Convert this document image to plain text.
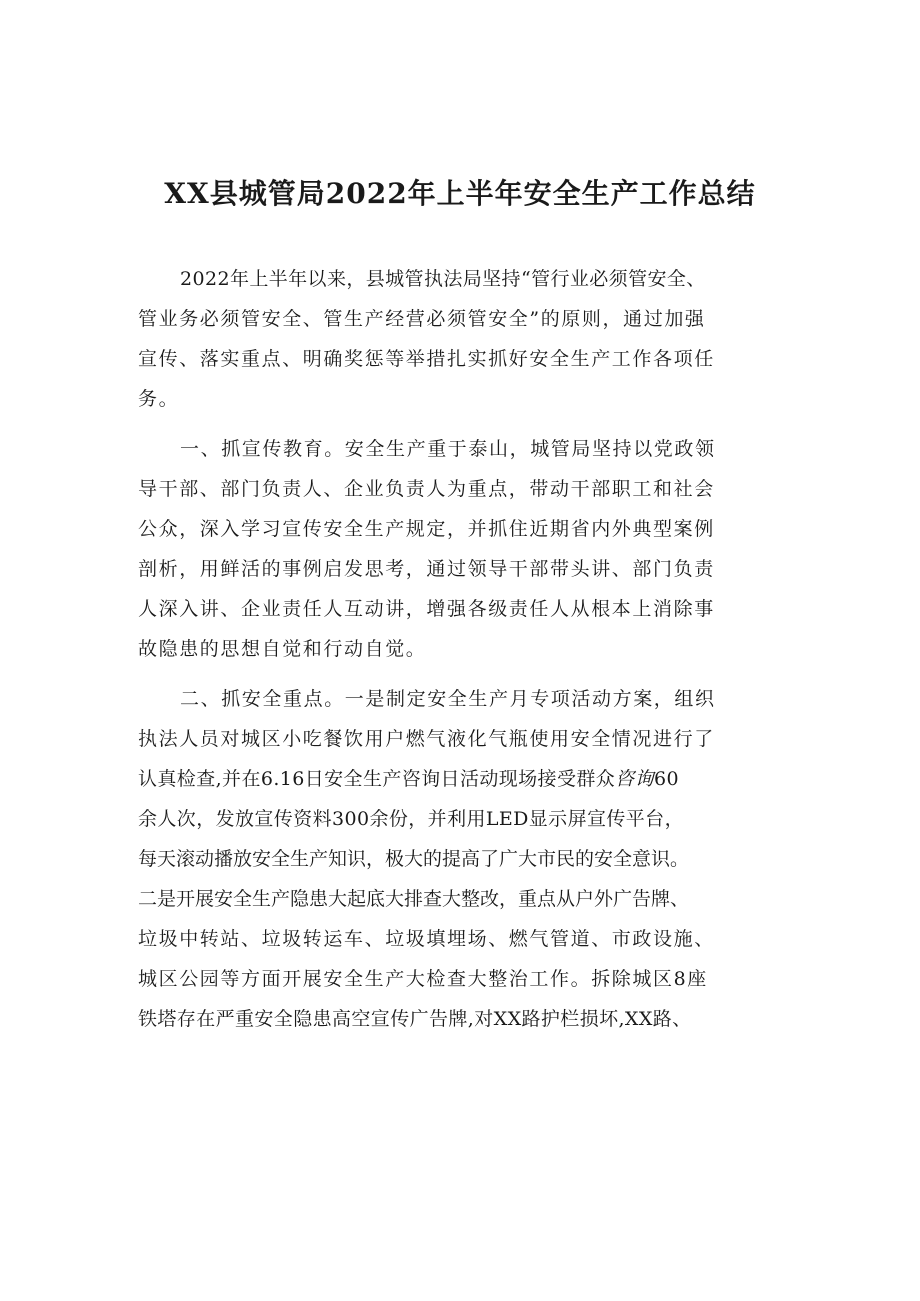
XX县城管局2022年上半年安全生产工作总结

2022年上半年以来，县城管执法局坚持“管行业必须管安全、
管业务必须管安全、管生产经营必须管安全”的原则，通过加强
宣传、落实重点、明确奖惩等举措扎实抓好安全生产工作各项任
务。

一、抓宣传教育。安全生产重于泰山，城管局坚持以党政领
导干部、部门负责人、企业负责人为重点，带动干部职工和社会
公众，深入学习宣传安全生产规定，并抓住近期省内外典型案例
剖析，用鲜活的事例启发思考，通过领导干部带头讲、部门负责
人深入讲、企业责任人互动讲，增强各级责任人从根本上消除事
故隐患的思想自觉和行动自觉。

二、抓安全重点。一是制定安全生产月专项活动方案，组织
执法人员对城区小吃餐饮用户燃气液化气瓶使用安全情况进行了
认真检查,并在6.16日安全生产咨询日活动现场接受群众咨询60
余人次，发放宣传资料300余份，并利用LED显示屏宣传平台，
每天滚动播放安全生产知识，极大的提高了广大市民的安全意识。
二是开展安全生产隐患大起底大排查大整改，重点从户外广告牌、
垃圾中转站、垃圾转运车、垃圾填埋场、燃气管道、市政设施、
城区公园等方面开展安全生产大检查大整治工作。拆除城区8座
铁塔存在严重安全隐患高空宣传广告牌,对XX路护栏损坏,XX路、
